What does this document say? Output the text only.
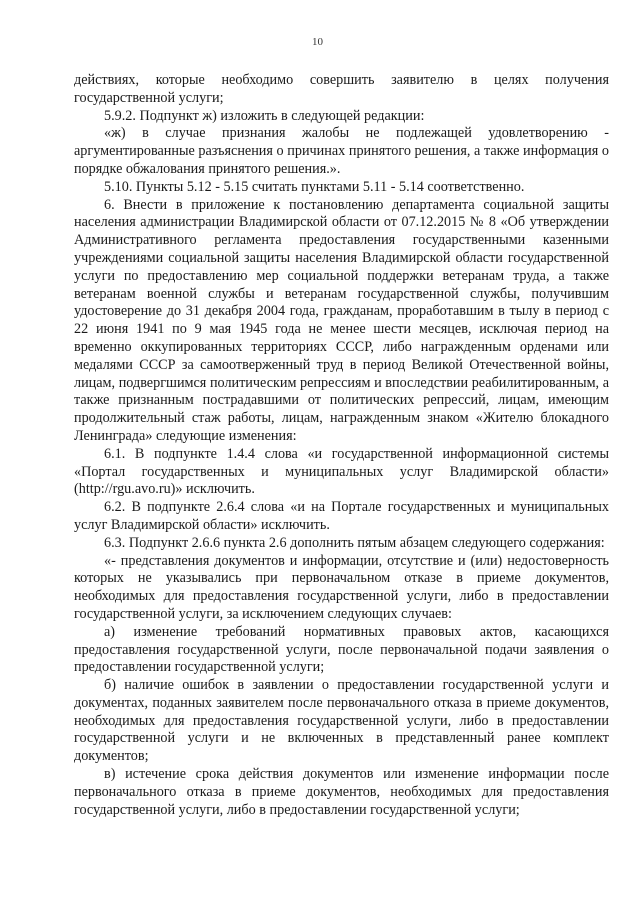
10

действиях, которые необходимо совершить заявителю в целях получения государственной услуги;

5.9.2. Подпункт ж) изложить в следующей редакции:

«ж) в случае признания жалобы не подлежащей удовлетворению - аргументированные разъяснения о причинах принятого решения, а также информация о порядке обжалования принятого решения.».

5.10. Пункты 5.12 - 5.15 считать пунктами 5.11 - 5.14 соответственно.

6. Внести в приложение к постановлению департамента социальной защиты населения администрации Владимирской области от 07.12.2015 № 8 «Об утверждении Административного регламента предоставления государственными казенными учреждениями социальной защиты населения Владимирской области государственной услуги по предоставлению мер социальной поддержки ветеранам труда, а также ветеранам военной службы и ветеранам государственной службы, получившим удостоверение до 31 декабря 2004 года, гражданам, проработавшим в тылу в период с 22 июня 1941 по 9 мая 1945 года не менее шести месяцев, исключая период на временно оккупированных территориях СССР, либо награжденным орденами или медалями СССР за самоотверженный труд в период Великой Отечественной войны, лицам, подвергшимся политическим репрессиям и впоследствии реабилитированным, а также признанным пострадавшими от политических репрессий, лицам, имеющим продолжительный стаж работы, лицам, награжденным знаком «Жителю блокадного Ленинграда» следующие изменения:

6.1. В подпункте 1.4.4 слова «и государственной информационной системы «Портал государственных и муниципальных услуг Владимирской области» (http://rgu.avo.ru)» исключить.

6.2. В подпункте 2.6.4 слова «и на Портале государственных и муниципальных услуг Владимирской области» исключить.

6.3. Подпункт 2.6.6 пункта 2.6 дополнить пятым абзацем следующего содержания:

«- представления документов и информации, отсутствие и (или) недостоверность которых не указывались при первоначальном отказе в приеме документов, необходимых для предоставления государственной услуги, либо в предоставлении государственной услуги, за исключением следующих случаев:

а) изменение требований нормативных правовых актов, касающихся предоставления государственной услуги, после первоначальной подачи заявления о предоставлении государственной услуги;

б) наличие ошибок в заявлении о предоставлении государственной услуги и документах, поданных заявителем после первоначального отказа в приеме документов, необходимых для предоставления государственной услуги, либо в предоставлении государственной услуги и не включенных в представленный ранее комплект документов;

в) истечение срока действия документов или изменение информации после первоначального отказа в приеме документов, необходимых для предоставления государственной услуги, либо в предоставлении государственной услуги;
